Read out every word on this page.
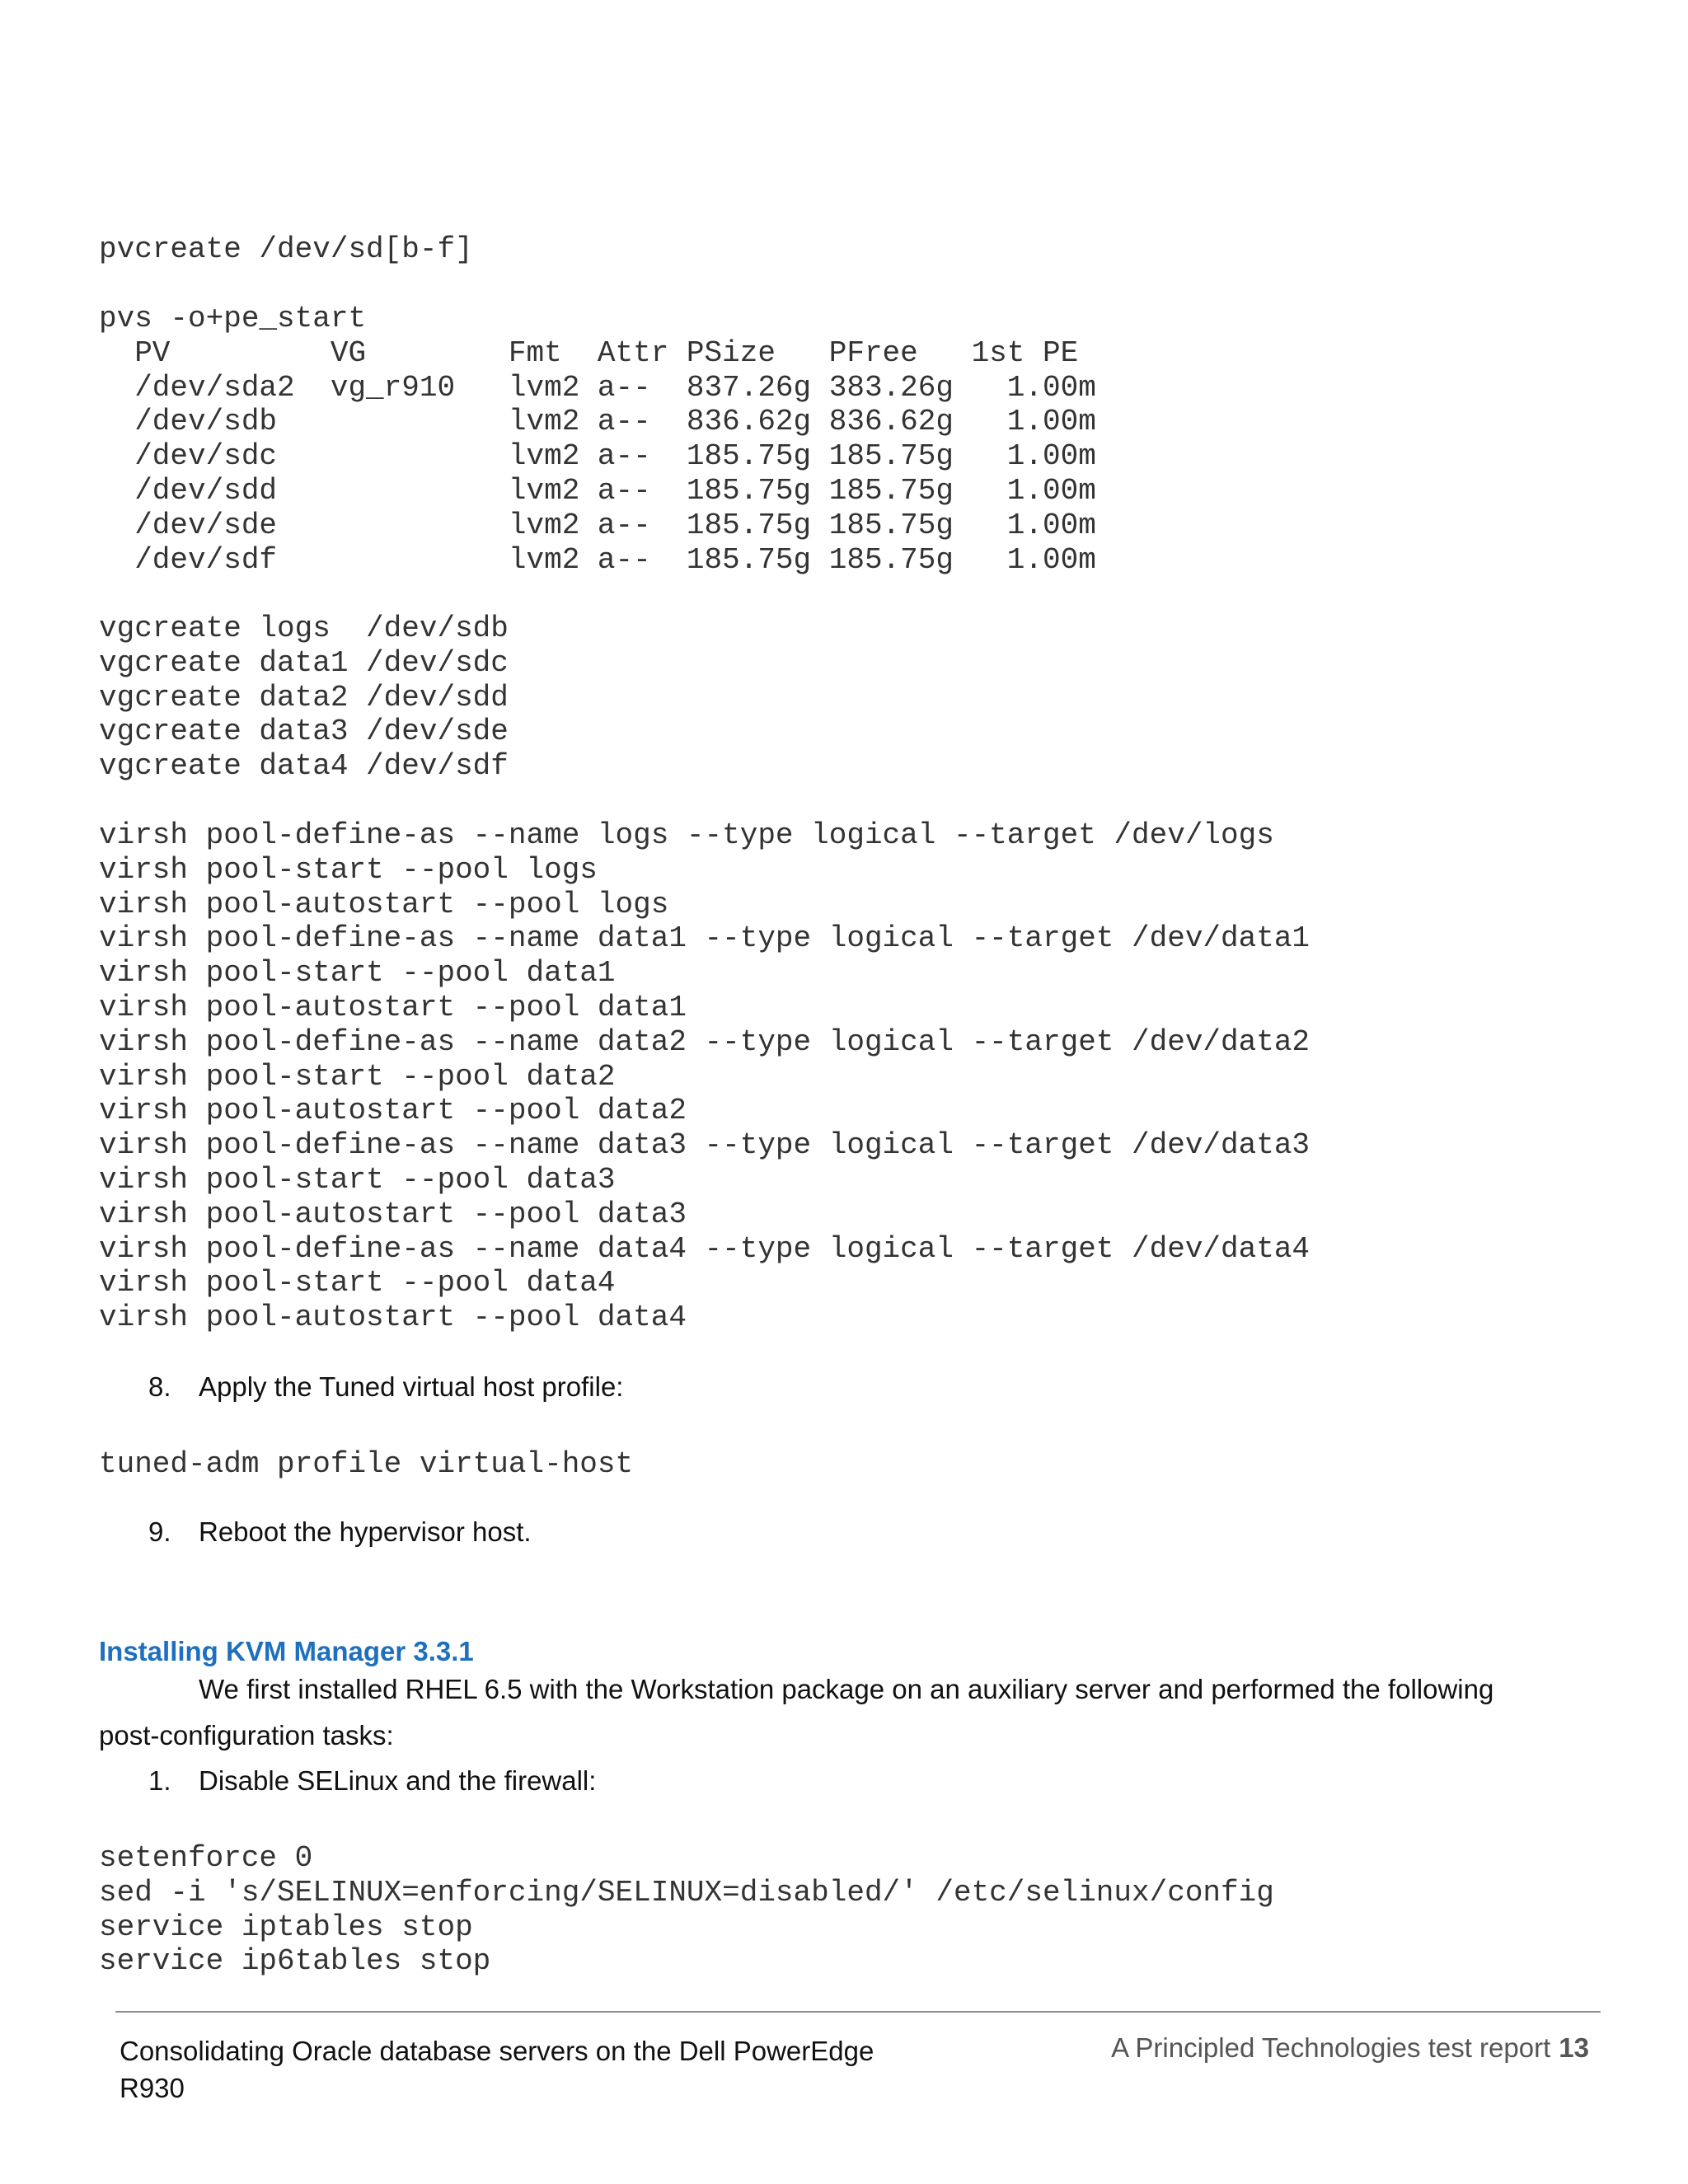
pvcreate /dev/sd[b-f]
pvs -o+pe_start
PV         VG        Fmt  Attr PSize   PFree   1st PE
/dev/sda2  vg_r910   lvm2 a--  837.26g 383.26g   1.00m
/dev/sdb             lvm2 a--  836.62g 836.62g   1.00m
/dev/sdc             lvm2 a--  185.75g 185.75g   1.00m
/dev/sdd             lvm2 a--  185.75g 185.75g   1.00m
/dev/sde             lvm2 a--  185.75g 185.75g   1.00m
/dev/sdf             lvm2 a--  185.75g 185.75g   1.00m
vgcreate logs  /dev/sdb
vgcreate data1 /dev/sdc
vgcreate data2 /dev/sdd
vgcreate data3 /dev/sde
vgcreate data4 /dev/sdf
virsh pool-define-as --name logs --type logical --target /dev/logs
virsh pool-start --pool logs
virsh pool-autostart --pool logs
virsh pool-define-as --name data1 --type logical --target /dev/data1
virsh pool-start --pool data1
virsh pool-autostart --pool data1
virsh pool-define-as --name data2 --type logical --target /dev/data2
virsh pool-start --pool data2
virsh pool-autostart --pool data2
virsh pool-define-as --name data3 --type logical --target /dev/data3
virsh pool-start --pool data3
virsh pool-autostart --pool data3
virsh pool-define-as --name data4 --type logical --target /dev/data4
virsh pool-start --pool data4
virsh pool-autostart --pool data4
8. Apply the Tuned virtual host profile:
tuned-adm profile virtual-host
9. Reboot the hypervisor host.
Installing KVM Manager 3.3.1
We first installed RHEL 6.5 with the Workstation package on an auxiliary server and performed the following
post-configuration tasks:
1. Disable SELinux and the firewall:
setenforce 0
sed -i 's/SELINUX=enforcing/SELINUX=disabled/' /etc/selinux/config
service iptables stop
service ip6tables stop
Consolidating Oracle database servers on the Dell PowerEdge R930
A Principled Technologies test report 13
